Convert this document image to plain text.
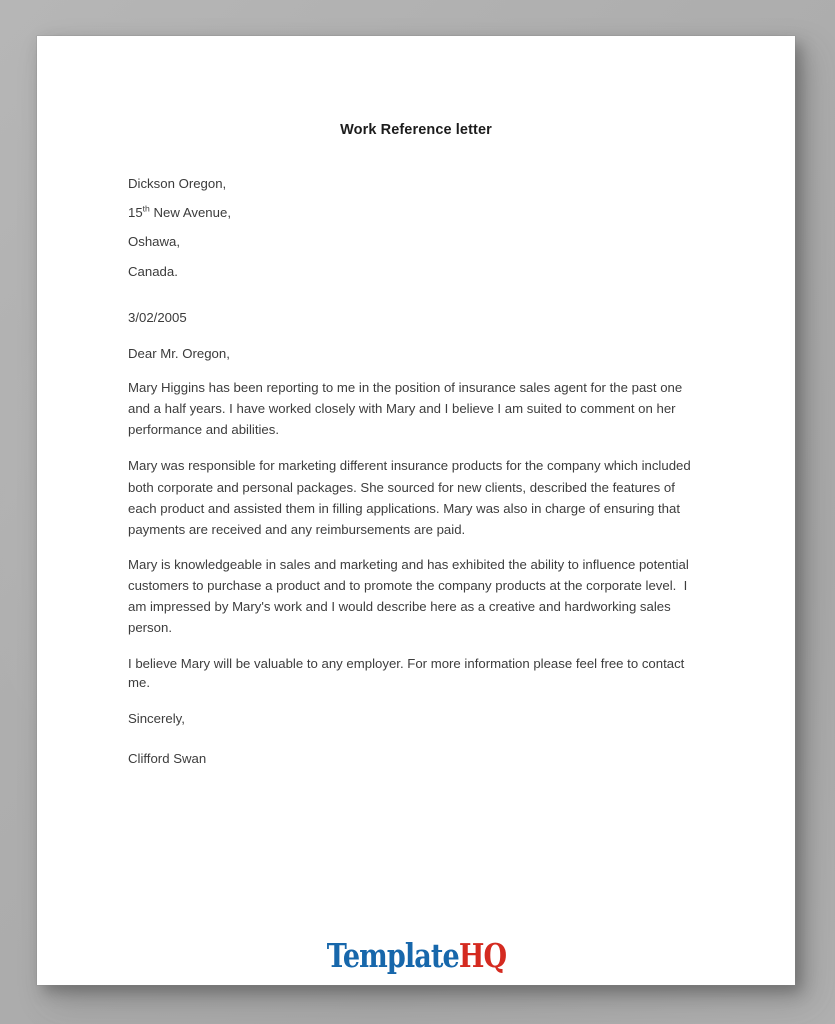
Work Reference letter

Dickson Oregon,

15th New Avenue,

Oshawa,

Canada.

3/02/2005
Dear Mr. Oregon,

Mary Higgins has been reporting to me in the position of insurance sales agent for the past one and a half years. I have worked closely with Mary and I believe I am suited to comment on her performance and abilities.

Mary was responsible for marketing different insurance products for the company which included both corporate and personal packages. She sourced for new clients, described the features of each product and assisted them in filling applications. Mary was also in charge of ensuring that payments are received and any reimbursements are paid.

Mary is knowledgeable in sales and marketing and has exhibited the ability to influence potential customers to purchase a product and to promote the company products at the corporate level.  I am impressed by Mary's work and I would describe here as a creative and hardworking sales person.

I believe Mary will be valuable to any employer. For more information please feel free to contact me.

Sincerely,

Clifford Swan

TemplateHQ
